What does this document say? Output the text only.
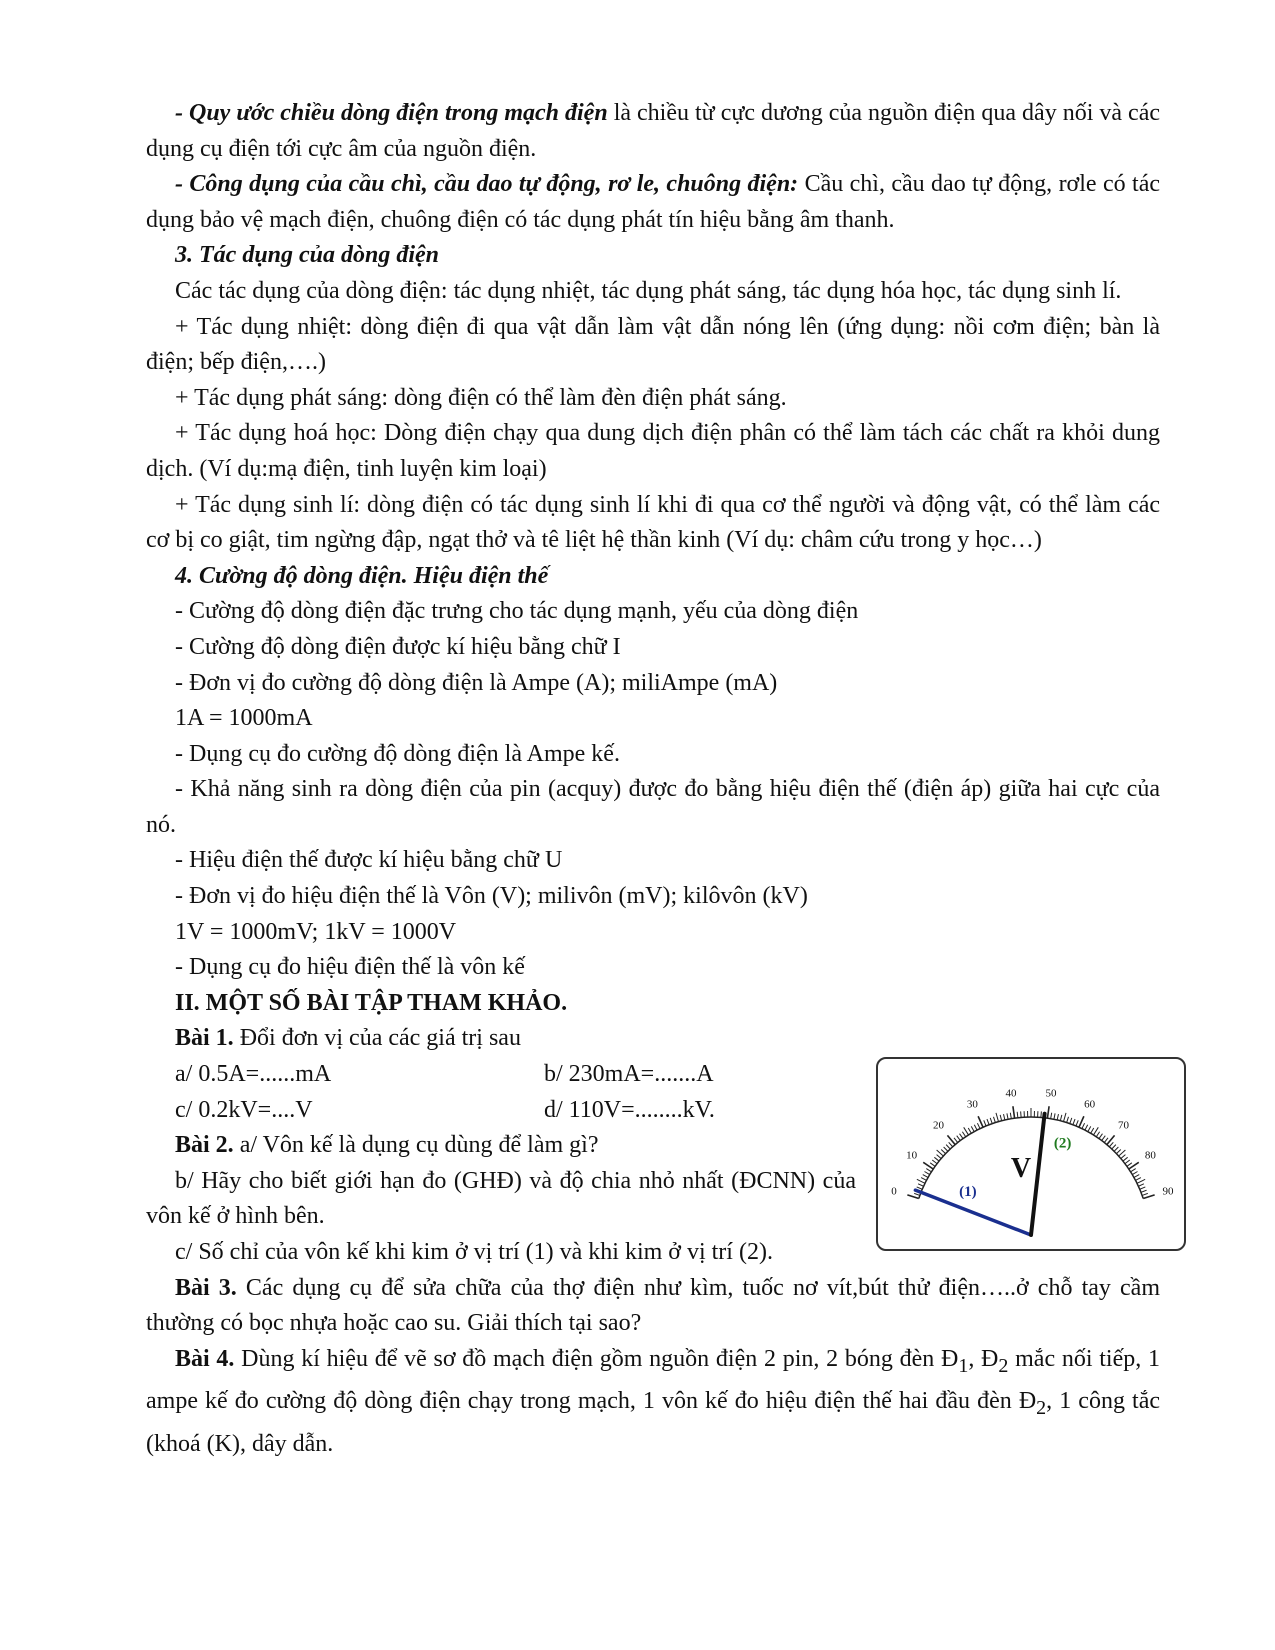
- Quy ước chiều dòng điện trong mạch điện là chiều từ cực dương của nguồn điện qua dây nối và các dụng cụ điện tới cực âm của nguồn điện.

- Công dụng của cầu chì, cầu dao tự động, rơ le, chuông điện: Cầu chì, cầu dao tự động, rơle có tác dụng bảo vệ mạch điện, chuông điện có tác dụng phát tín hiệu bằng âm thanh.

3. Tác dụng của dòng điện

Các tác dụng của dòng điện: tác dụng nhiệt, tác dụng phát sáng, tác dụng hóa học, tác dụng sinh lí.

+ Tác dụng nhiệt: dòng điện đi qua vật dẫn làm vật dẫn nóng lên (ứng dụng: nồi cơm điện; bàn là điện; bếp điện,….)

+ Tác dụng phát sáng: dòng điện có thể làm đèn điện phát sáng.

+ Tác dụng hoá học: Dòng điện chạy qua dung dịch điện phân có thể làm tách các chất ra khỏi dung dịch. (Ví dụ:mạ điện, tinh luyện kim loại)

+ Tác dụng sinh lí: dòng điện có tác dụng sinh lí khi đi qua cơ thể người và động vật, có thể làm các cơ bị co giật, tim ngừng đập, ngạt thở và tê liệt hệ thần kinh (Ví dụ: châm cứu trong y học…)

4. Cường độ dòng điện. Hiệu điện thế

- Cường độ dòng điện đặc trưng cho tác dụng mạnh, yếu của dòng điện

- Cường độ dòng điện được kí hiệu bằng chữ I

- Đơn vị đo cường độ dòng điện là Ampe (A); miliAmpe (mA)

1A = 1000mA

- Dụng cụ đo cường độ dòng điện là Ampe kế.

- Khả năng sinh ra dòng điện của pin (acquy) được đo bằng hiệu điện thế (điện áp) giữa hai cực của nó.

- Hiệu điện thế được kí hiệu bằng chữ U

- Đơn vị đo hiệu điện thế là Vôn (V); milivôn (mV); kilôvôn (kV)

1V = 1000mV; 1kV = 1000V

- Dụng cụ đo hiệu điện thế là vôn kế

II. MỘT SỐ BÀI TẬP THAM KHẢO.

Bài 1. Đổi đơn vị của các giá trị sau

a/ 0.5A=......mA	b/ 230mA=.......A
c/ 0.2kV=....V	d/ 110V=........kV.

Bài 2. a/ Vôn kế là dụng cụ dùng để làm gì?

b/ Hãy cho biết giới hạn đo (GHĐ) và độ chia nhỏ nhất (ĐCNN) của vôn kế ở hình bên.

c/ Số chỉ của vôn kế khi kim ở vị trí (1) và khi kim ở vị trí (2).

0
10
20
30
40	50
60
70
80
90
(1)
(2)
V

Bài 3. Các dụng cụ để sửa chữa của thợ điện như kìm, tuốc nơ vít,bút thử điện…..ở chỗ tay cầm thường có bọc nhựa hoặc cao su. Giải thích tại sao?

Bài 4. Dùng kí hiệu để vẽ sơ đồ mạch điện gồm nguồn điện 2 pin, 2 bóng đèn $Đ_1$, $Đ_2$ mắc nối tiếp, 1 ampe kế đo cường độ dòng điện chạy trong mạch, 1 vôn kế đo hiệu điện thế hai đầu đèn $Đ_2$, 1 công tắc (khoá (K), dây dẫn.
